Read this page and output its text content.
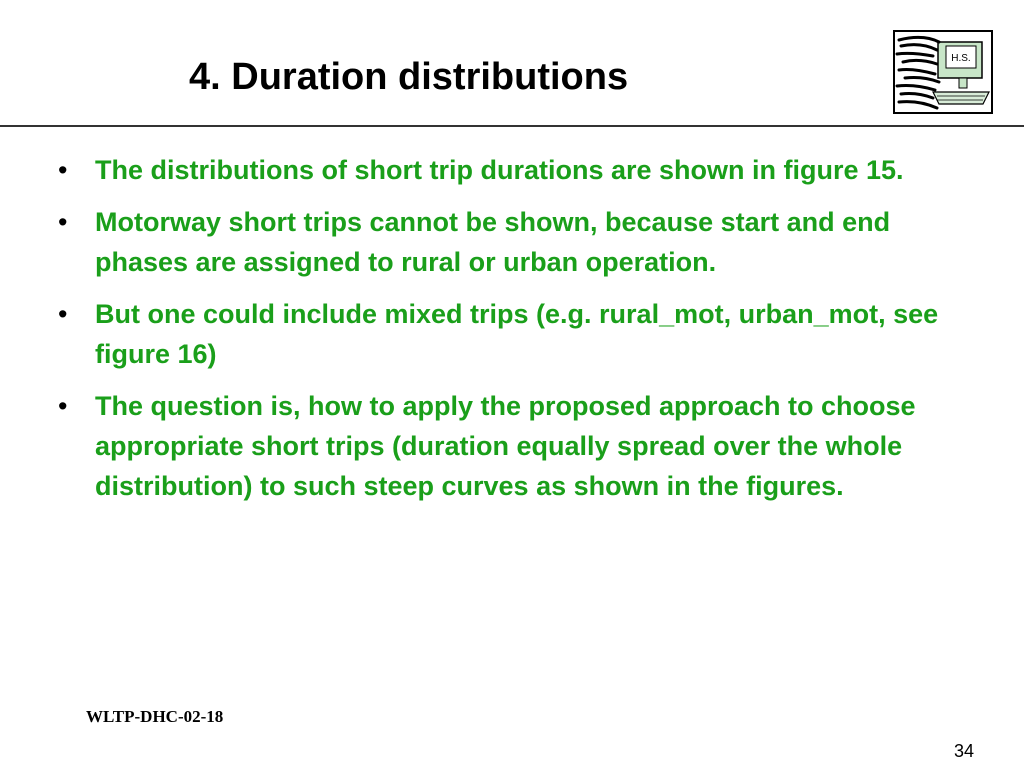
4. Duration distributions	H.S.
• The distributions of short trip durations are shown in figure 15.
• Motorway short trips cannot be shown, because start and end phases are assigned to rural or urban operation.
• But one could include mixed trips (e.g. rural_mot, urban_mot, see figure 16)
• The question is, how to apply the proposed approach to choose appropriate short trips (duration equally spread over the whole distribution) to such steep curves as shown in the figures.
WLTP-DHC-02-18
34
